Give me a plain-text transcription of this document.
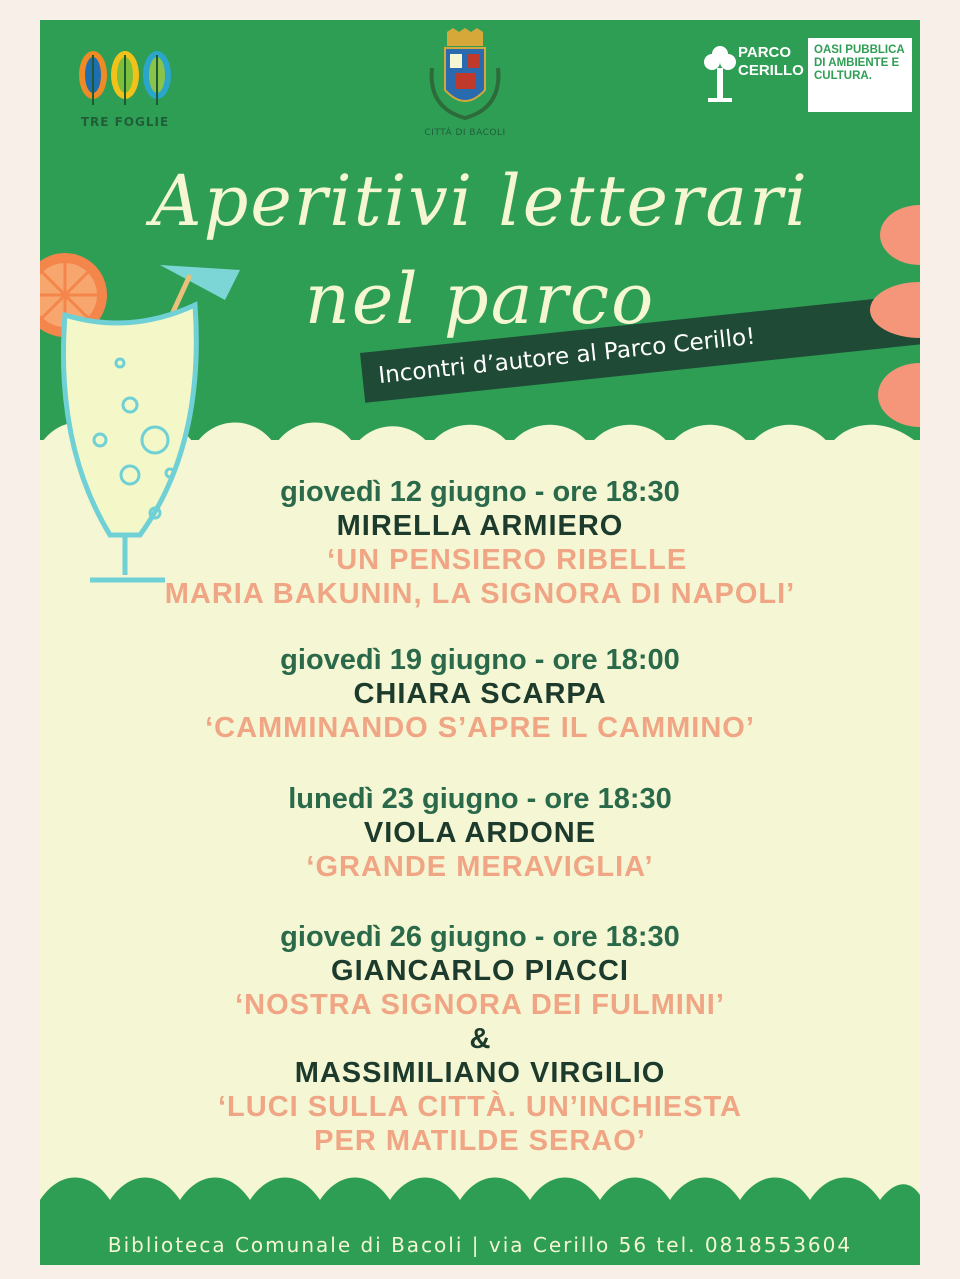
TRE FOGLIE
CITTÀ DI BACOLI
PARCO CERILLO
OASI PUBBLICA DI AMBIENTE E CULTURA.
Aperitivi letterari
nel parco
Incontri d’autore al Parco Cerillo!
giovedì 12 giugno - ore 18:30
MIRELLA ARMIERO
‘UN PENSIERO RIBELLE
MARIA BAKUNIN, LA SIGNORA DI NAPOLI’
giovedì 19 giugno - ore 18:00
CHIARA SCARPA
‘CAMMINANDO S’APRE IL CAMMINO’
lunedì 23 giugno - ore 18:30
VIOLA ARDONE
‘GRANDE MERAVIGLIA’
giovedì 26 giugno - ore 18:30
GIANCARLO PIACCI
‘NOSTRA SIGNORA DEI FULMINI’
&
MASSIMILIANO VIRGILIO
‘LUCI SULLA CITTÀ. UN’INCHIESTA
PER MATILDE SERAO’
Biblioteca Comunale di Bacoli | via Cerillo 56 tel. 0818553604
